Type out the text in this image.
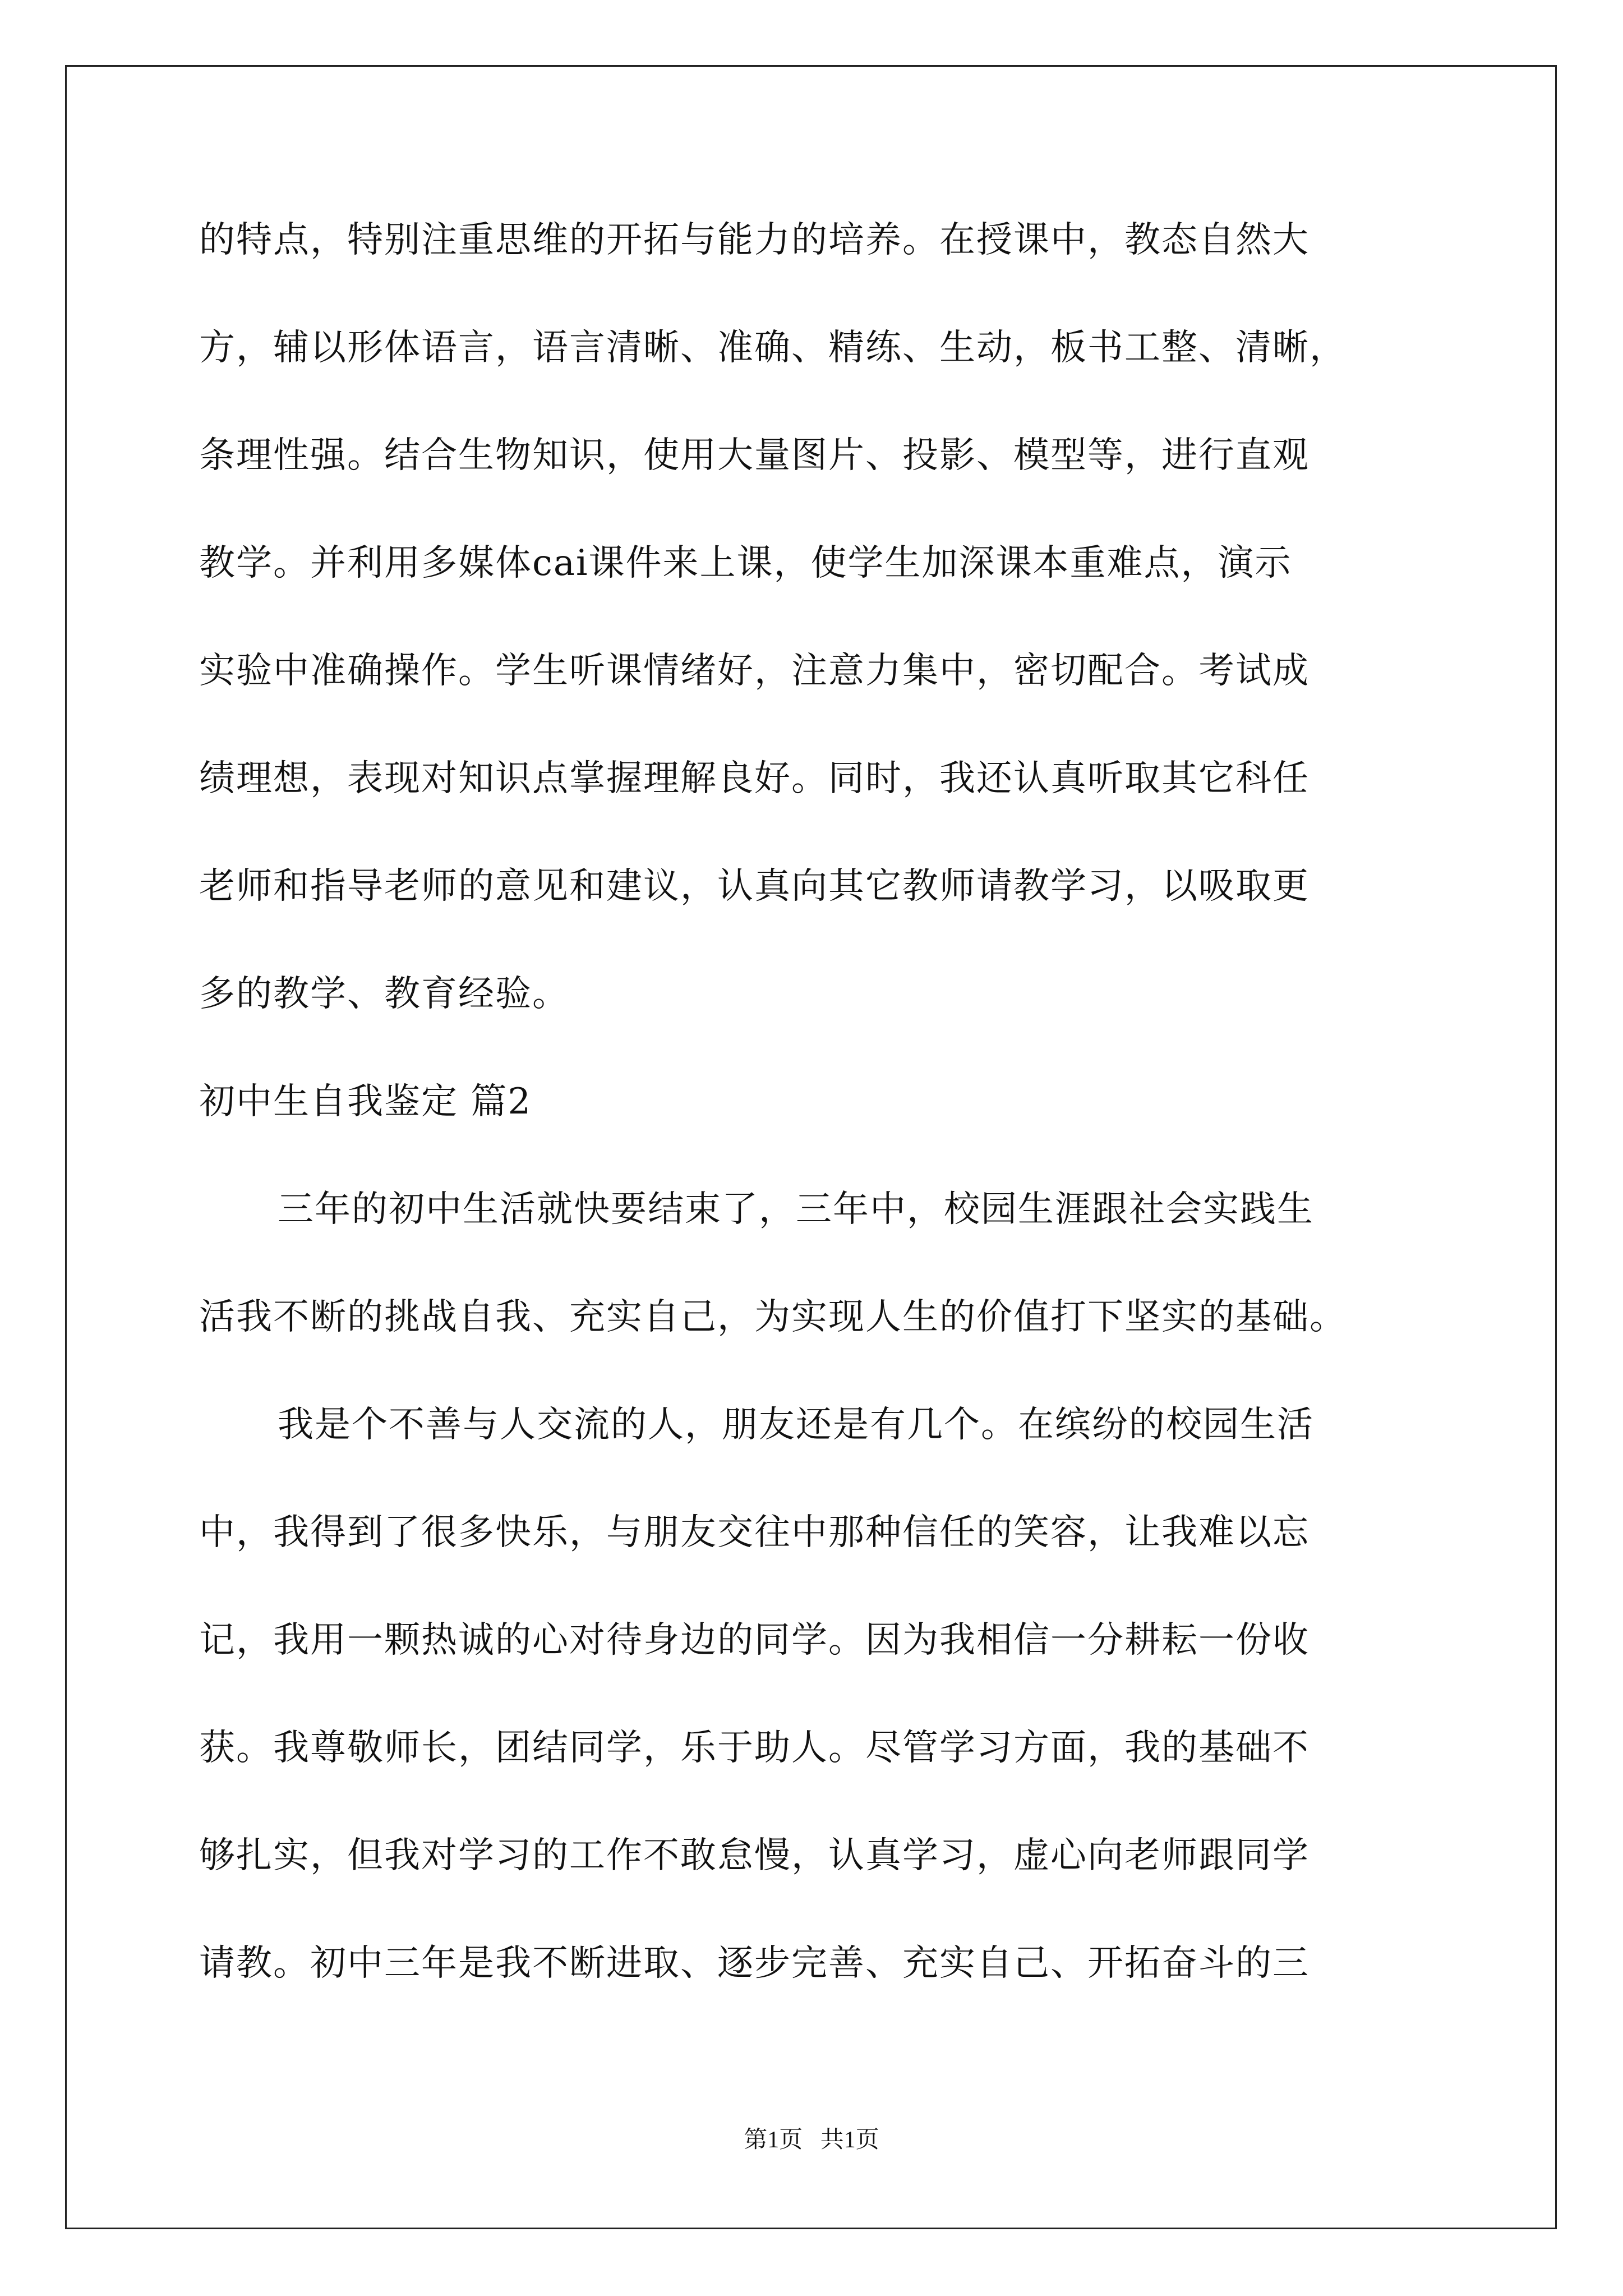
的特点，特别注重思维的开拓与能力的培养。在授课中，教态自然大
方，辅以形体语言，语言清晰、准确、精练、生动，板书工整、清晰，
条理性强。结合生物知识，使用大量图片、投影、模型等，进行直观
教学。并利用多媒体cai课件来上课，使学生加深课本重难点，演示
实验中准确操作。学生听课情绪好，注意力集中，密切配合。考试成
绩理想，表现对知识点掌握理解良好。同时，我还认真听取其它科任
老师和指导老师的意见和建议，认真向其它教师请教学习，以吸取更
多的教学、教育经验。
初中生自我鉴定 篇2
三年的初中生活就快要结束了，三年中，校园生涯跟社会实践生
活我不断的挑战自我、充实自己，为实现人生的价值打下坚实的基础。
我是个不善与人交流的人，朋友还是有几个。在缤纷的校园生活
中，我得到了很多快乐，与朋友交往中那种信任的笑容，让我难以忘
记，我用一颗热诚的心对待身边的同学。因为我相信一分耕耘一份收
获。我尊敬师长，团结同学，乐于助人。尽管学习方面，我的基础不
够扎实，但我对学习的工作不敢怠慢，认真学习，虚心向老师跟同学
请教。初中三年是我不断进取、逐步完善、充实自己、开拓奋斗的三
第1页   共1页
